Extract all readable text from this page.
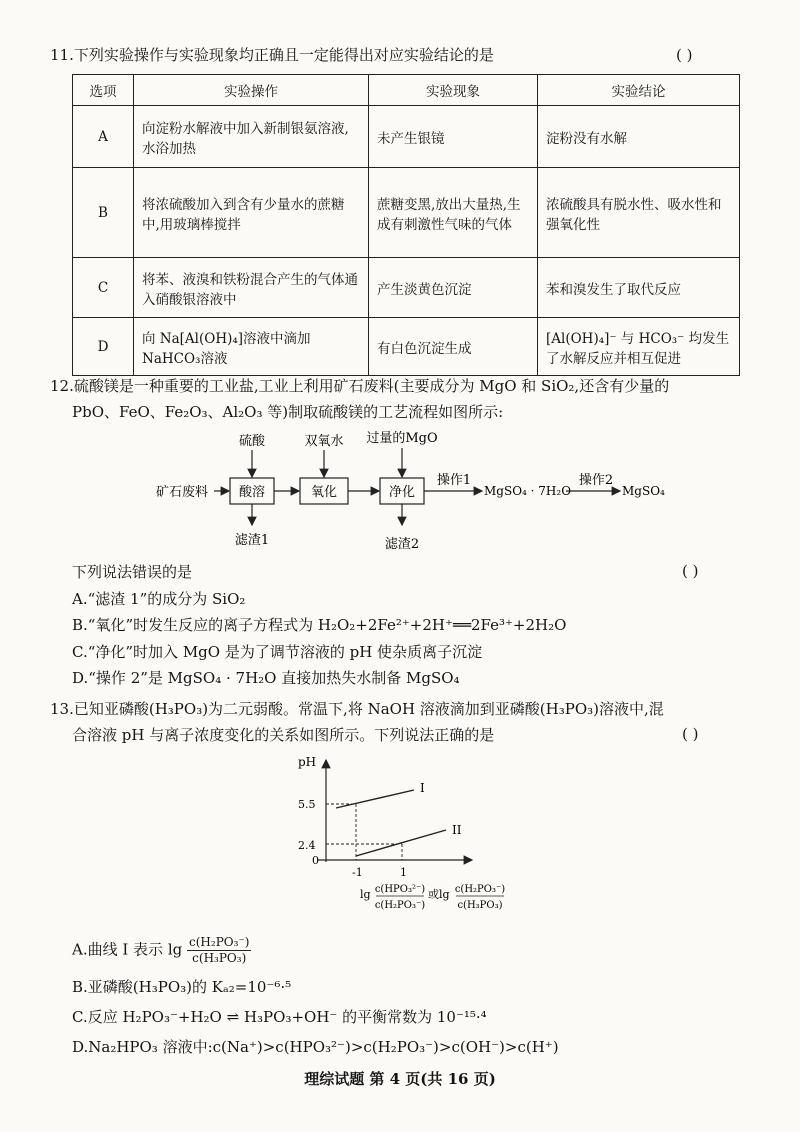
11.下列实验操作与实验现象均正确且一定能得出对应实验结论的是	( )
选项	实验操作	实验现象	实验结论
A	向淀粉水解液中加入新制银氨溶液,水浴加热	未产生银镜	淀粉没有水解
B	将浓硫酸加入到含有少量水的蔗糖中,用玻璃棒搅拌	蔗糖变黑,放出大量热,生成有刺激性气味的气体	浓硫酸具有脱水性、吸水性和强氧化性
C	将苯、液溴和铁粉混合产生的气体通入硝酸银溶液中	产生淡黄色沉淀	苯和溴发生了取代反应
D	向 Na[Al(OH)₄]溶液中滴加 NaHCO₃溶液	有白色沉淀生成	[Al(OH)₄]⁻ 与 HCO₃⁻ 均发生了水解反应并相互促进
12.硫酸镁是一种重要的工业盐,工业上利用矿石废料(主要成分为 MgO 和 SiO₂,还含有少量的
PbO、FeO、Fe₂O₃、Al₂O₃ 等)制取硫酸镁的工艺流程如图所示:
矿石废料 酸溶
硫酸
滤渣1
氧化
双氧水
净化
过量的MgO
滤渣2
操作1
MgSO₄ · 7H₂O
操作2
MgSO₄
下列说法错误的是	( )
A.“滤渣 1”的成分为 SiO₂
B.“氧化”时发生反应的离子方程式为 H₂O₂+2Fe²⁺+2H⁺══2Fe³⁺+2H₂O
C.“净化”时加入 MgO 是为了调节溶液的 pH 使杂质离子沉淀
D.“操作 2”是 MgSO₄ · 7H₂O 直接加热失水制备 MgSO₄
13.已知亚磷酸(H₃PO₃)为二元弱酸。常温下,将 NaOH 溶液滴加到亚磷酸(H₃PO₃)溶液中,混
合溶液 pH 与离子浓度变化的关系如图所示。下列说法正确的是	( )
pH
5.5
2.4
0
-1	1
I
II
lg c(HPO₃²⁻)
c(H₂PO₃⁻)
或lg c(H₂PO₃⁻)
c(H₃PO₃)
A.曲线 I 表示 $\lg \frac{\text{c(H₂PO₃⁻)}}{\text{c(H₃PO₃)}}$
B.亚磷酸(H₃PO₃)的 Kₐ₂=10⁻⁶·⁵
C.反应 H₂PO₃⁻+H₂O ⇌ H₃PO₃+OH⁻ 的平衡常数为 10⁻¹⁵·⁴
D.Na₂HPO₃ 溶液中:c(Na⁺)>c(HPO₃²⁻)>c(H₂PO₃⁻)>c(OH⁻)>c(H⁺)
理综试题 第 4 页(共 16 页)
